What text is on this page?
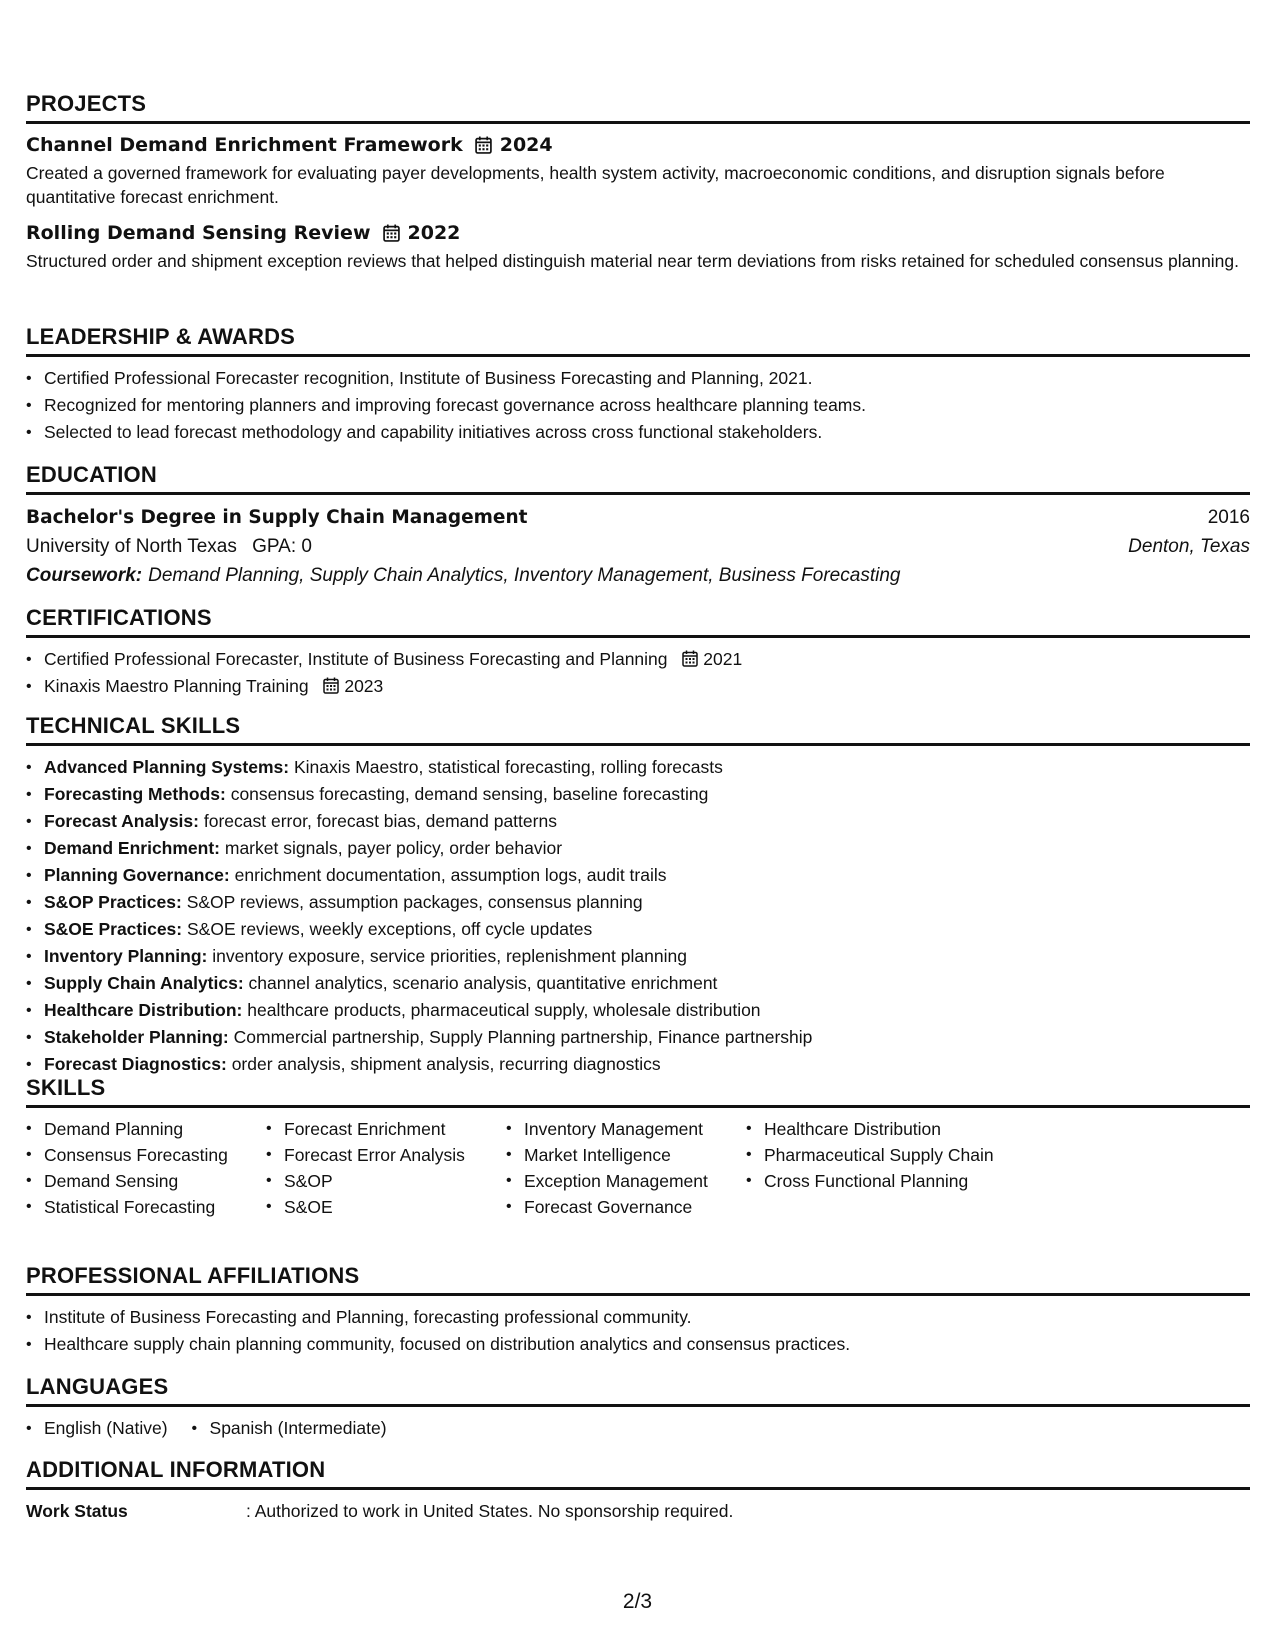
PROJECTS
Channel Demand Enrichment Framework 2024
Created a governed framework for evaluating payer developments, health system activity, macroeconomic conditions, and disruption signals before quantitative forecast enrichment.
Rolling Demand Sensing Review 2022
Structured order and shipment exception reviews that helped distinguish material near term deviations from risks retained for scheduled consensus planning.
LEADERSHIP & AWARDS
• Certified Professional Forecaster recognition, Institute of Business Forecasting and Planning, 2021.
• Recognized for mentoring planners and improving forecast governance across healthcare planning teams.
• Selected to lead forecast methodology and capability initiatives across cross functional stakeholders.
EDUCATION
Bachelor's Degree in Supply Chain Management	2016
University of North Texas GPA: 0	Denton, Texas
Coursework: Demand Planning, Supply Chain Analytics, Inventory Management, Business Forecasting
CERTIFICATIONS
• Certified Professional Forecaster, Institute of Business Forecasting and Planning 2021
• Kinaxis Maestro Planning Training 2023
TECHNICAL SKILLS
• Advanced Planning Systems: Kinaxis Maestro, statistical forecasting, rolling forecasts
• Forecasting Methods: consensus forecasting, demand sensing, baseline forecasting
• Forecast Analysis: forecast error, forecast bias, demand patterns
• Demand Enrichment: market signals, payer policy, order behavior
• Planning Governance: enrichment documentation, assumption logs, audit trails
• S&OP Practices: S&OP reviews, assumption packages, consensus planning
• S&OE Practices: S&OE reviews, weekly exceptions, off cycle updates
• Inventory Planning: inventory exposure, service priorities, replenishment planning
• Supply Chain Analytics: channel analytics, scenario analysis, quantitative enrichment
• Healthcare Distribution: healthcare products, pharmaceutical supply, wholesale distribution
• Stakeholder Planning: Commercial partnership, Supply Planning partnership, Finance partnership
• Forecast Diagnostics: order analysis, shipment analysis, recurring diagnostics
SKILLS
• Demand Planning
• Consensus Forecasting
• Demand Sensing
• Statistical Forecasting
• Forecast Enrichment
• Forecast Error Analysis
• S&OP
• S&OE
• Inventory Management
• Market Intelligence
• Exception Management
• Forecast Governance
• Healthcare Distribution
• Pharmaceutical Supply Chain
• Cross Functional Planning
PROFESSIONAL AFFILIATIONS
• Institute of Business Forecasting and Planning, forecasting professional community.
• Healthcare supply chain planning community, focused on distribution analytics and consensus practices.
LANGUAGES
• English (Native)
•	Spanish (Intermediate)
ADDITIONAL INFORMATION
Work Status	: Authorized to work in United States. No sponsorship required.
2/3
